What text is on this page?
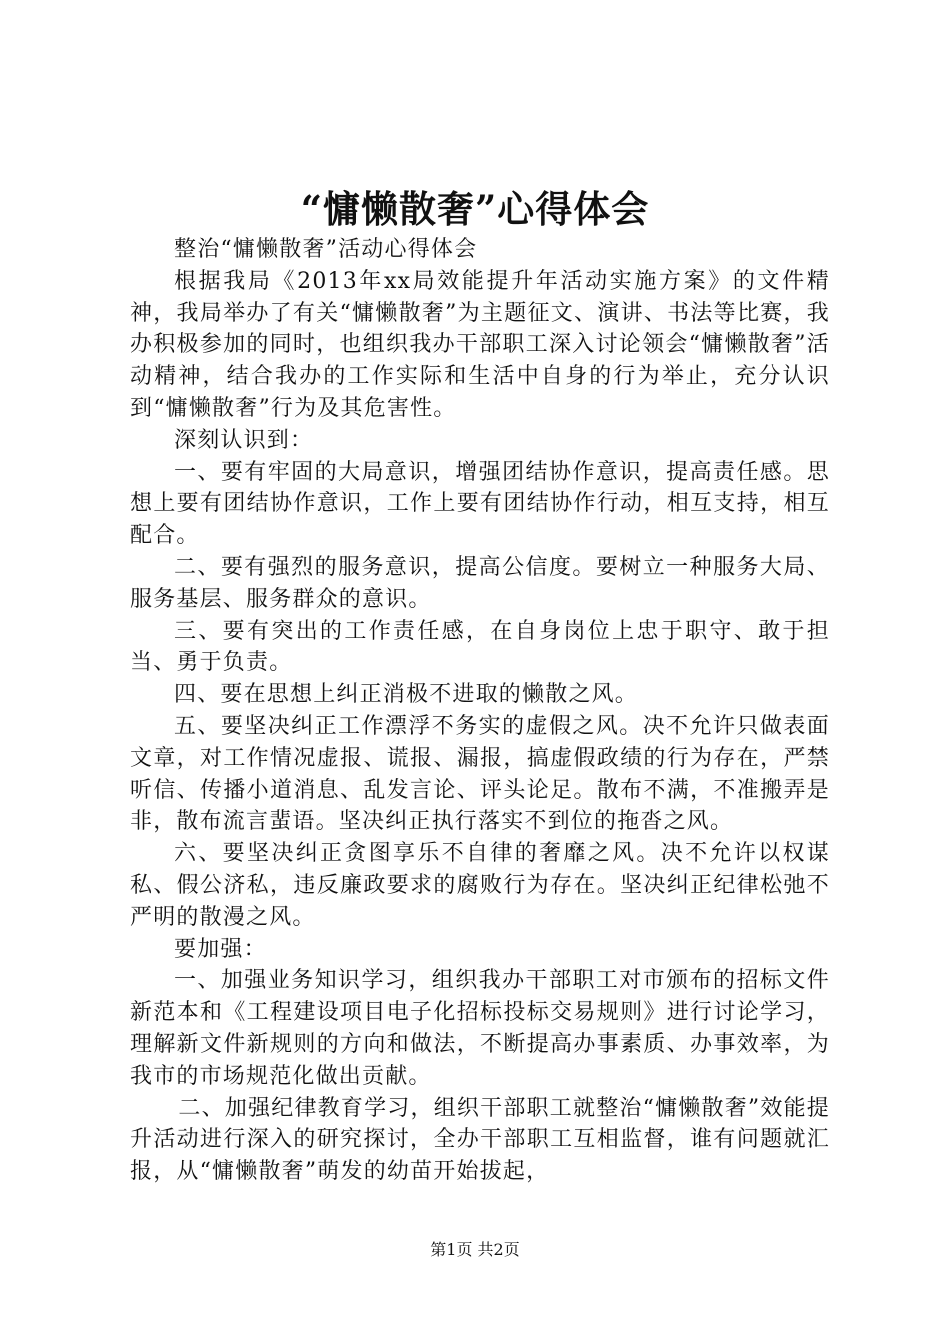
“慵懒散奢”心得体会

整治“慵懒散奢”活动心得体会

根据我局《2013年xx局效能提升年活动实施方案》的文件精神，我局举办了有关“慵懒散奢”为主题征文、演讲、书法等比赛，我办积极参加的同时，也组织我办干部职工深入讨论领会“慵懒散奢”活动精神，结合我办的工作实际和生活中自身的行为举止，充分认识到“慵懒散奢”行为及其危害性。

深刻认识到：

一、要有牢固的大局意识，增强团结协作意识，提高责任感。思想上要有团结协作意识，工作上要有团结协作行动，相互支持，相互配合。

二、要有强烈的服务意识，提高公信度。要树立一种服务大局、服务基层、服务群众的意识。

三、要有突出的工作责任感，在自身岗位上忠于职守、敢于担当、勇于负责。

四、要在思想上纠正消极不进取的懒散之风。

五、要坚决纠正工作漂浮不务实的虚假之风。决不允许只做表面文章，对工作情况虚报、谎报、漏报，搞虚假政绩的行为存在，严禁听信、传播小道消息、乱发言论、评头论足。散布不满，不准搬弄是非，散布流言蜚语。坚决纠正执行落实不到位的拖沓之风。

六、要坚决纠正贪图享乐不自律的奢靡之风。决不允许以权谋私、假公济私，违反廉政要求的腐败行为存在。坚决纠正纪律松弛不严明的散漫之风。

要加强：

一、加强业务知识学习，组织我办干部职工对市颁布的招标文件新范本和《工程建设项目电子化招标投标交易规则》进行讨论学习，理解新文件新规则的方向和做法，不断提高办事素质、办事效率，为我市的市场规范化做出贡献。

二、加强纪律教育学习，组织干部职工就整治“慵懒散奢”效能提升活动进行深入的研究探讨，全办干部职工互相监督，谁有问题就汇报，从“慵懒散奢”萌发的幼苗开始拔起，

第1页 共2页
